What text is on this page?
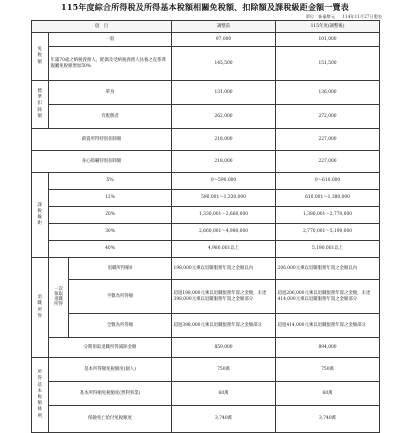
115年度綜合所得稅及所得基本稅額相關免稅額、扣除額及課稅級距金額一覽表
單位：新臺幣元 114年11月27日製表
項　目			調整前	115年度(調整後)
免稅額	一般		97,000	101,000
	年滿70歲之納稅義務人、配偶及受納稅義務人扶養之直系尊親屬免稅額增加50%		145,500	151,500
標準扣除額	單身		131,000	136,000
	有配偶者		262,000	272,000
薪資所得特別扣除額			218,000	227,000
身心障礙特別扣除額			218,000	227,000
課稅級距	5%		0～590,000	0～610,000
	12%		590,001～1,330,000	610,001～1,380,000
	20%		1,330,001～2,660,000	1,380,001～2,770,000
	30%		2,660,001～4,980,000	2,770,001～5,190,000
	40%		4,980,001以上	5,190,001以上
退職所得	一次領取退職所得	退職所得額0	198,000元乘以退職服務年資之金額以內	206,000元乘以退職服務年資之金額以內
		半數為所得額	超過198,000元乘以退職服務年資之金額，未達398,000元乘以退職服務年資之金額部分	超過206,000元乘以退職服務年資之金額，未達414,000元乘以退職服務年資之金額部分
		全數為所得額	超過398,000元乘以退職服務年資之金額部分	超過414,000元乘以退職服務年資之金額部分
	分期領取退職所得減除金額		859,000	894,000
所得基本稅額條例	基本所得額免稅額度(個人)		750萬	750萬
	基本所得額免稅額度(營利事業)		60萬	60萬
	保險死亡給付免稅額度		3,740萬	3,740萬
